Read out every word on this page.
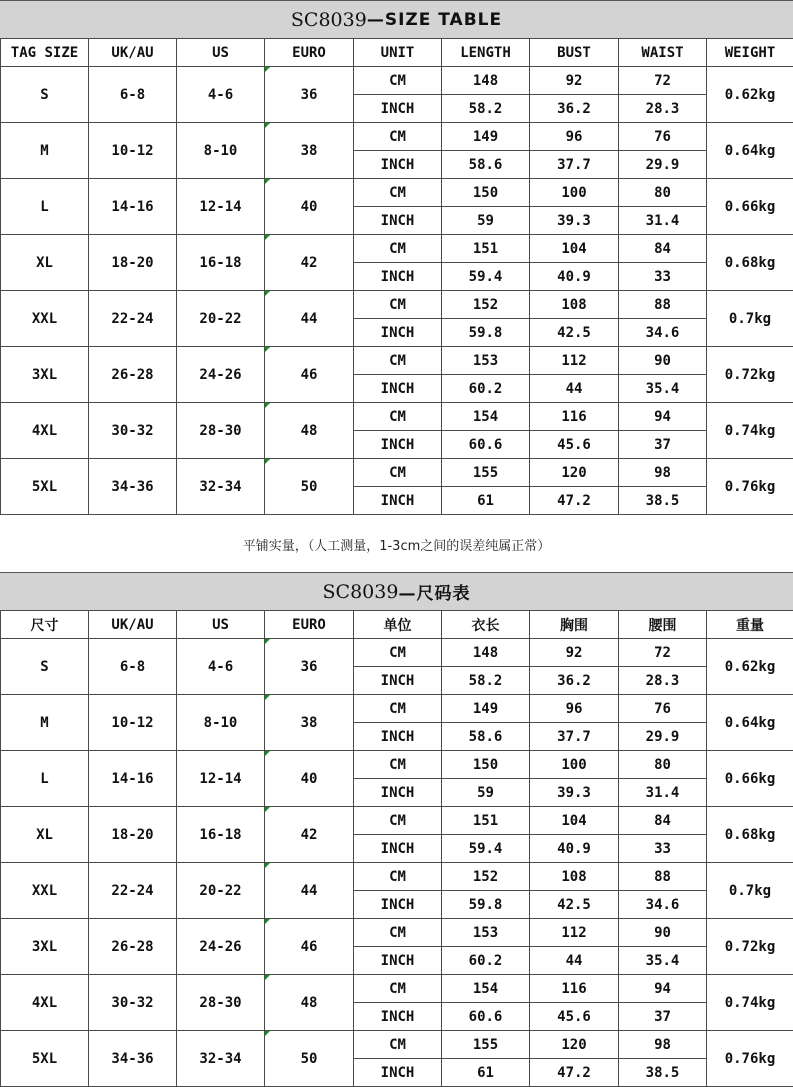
SC8039 —SIZE TABLE
TAG SIZE	UK/AU	US	EURO	UNIT	LENGTH	BUST	WAIST	WEIGHT
S	6-8	4-6	36	CM	148	92	72	0.62kg
				INCH	58.2	36.2	28.3	
M	10-12	8-10	38	CM	149	96	76	0.64kg
				INCH	58.6	37.7	29.9	
L	14-16	12-14	40	CM	150	100	80	0.66kg
				INCH	59	39.3	31.4	
XL	18-20	16-18	42	CM	151	104	84	0.68kg
				INCH	59.4	40.9	33	
XXL	22-24	20-22	44	CM	152	108	88	0.7kg
				INCH	59.8	42.5	34.6	
3XL	26-28	24-26	46	CM	153	112	90	0.72kg
				INCH	60.2	44	35.4	
4XL	30-32	28-30	48	CM	154	116	94	0.74kg
				INCH	60.6	45.6	37	
5XL	34-36	32-34	50	CM	155	120	98	0.76kg
				INCH	61	47.2	38.5	
平铺实量，（人工测量，1-3cm之间的误差纯属正常）
SC8039 —尺码表
尺寸	UK/AU	US	EURO	单位	衣长	胸围	腰围	重量
S	6-8	4-6	36	CM	148	92	72	0.62kg
				INCH	58.2	36.2	28.3	
M	10-12	8-10	38	CM	149	96	76	0.64kg
				INCH	58.6	37.7	29.9	
L	14-16	12-14	40	CM	150	100	80	0.66kg
				INCH	59	39.3	31.4	
XL	18-20	16-18	42	CM	151	104	84	0.68kg
				INCH	59.4	40.9	33	
XXL	22-24	20-22	44	CM	152	108	88	0.7kg
				INCH	59.8	42.5	34.6	
3XL	26-28	24-26	46	CM	153	112	90	0.72kg
				INCH	60.2	44	35.4	
4XL	30-32	28-30	48	CM	154	116	94	0.74kg
				INCH	60.6	45.6	37	
5XL	34-36	32-34	50	CM	155	120	98	0.76kg
				INCH	61	47.2	38.5	
